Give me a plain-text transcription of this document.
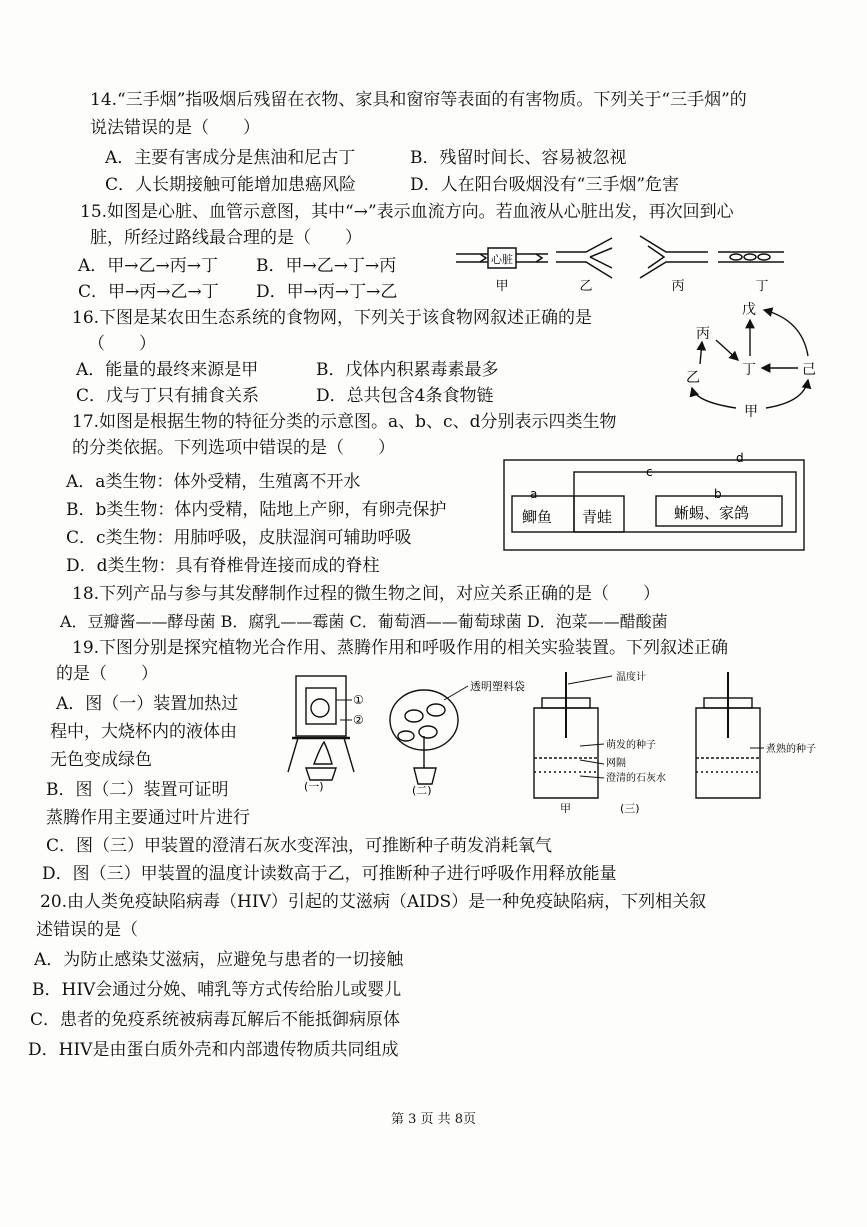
14.“三手烟”指吸烟后残留在衣物、家具和窗帘等表面的有害物质。下列关于“三手烟”的
说法错误的是（　　）
A．主要有害成分是焦油和尼古丁	B．残留时间长、容易被忽视
C．人长期接触可能增加患癌风险	D．人在阳台吸烟没有“三手烟”危害
15.如图是心脏、血管示意图，其中“→”表示血流方向。若血液从心脏出发，再次回到心
脏，所经过路线最合理的是（　　）
A．甲→乙→丙→丁 B．甲→乙→丁→丙
C．甲→丙→乙→丁 D．甲→丙→丁→乙
心脏
甲	乙	丙	丁
16.下图是某农田生态系统的食物网，下列关于该食物网叙述正确的是
（　　）
A．能量的最终来源是甲	B．戊体内积累毒素最多
C．戊与丁只有捕食关系	D．总共包含4条食物链
戊
丙
乙	丁	己
甲
17.如图是根据生物的特征分类的示意图。a、b、c、d分别表示四类生物
的分类依据。下列选项中错误的是（　　）
A．a类生物：体外受精，生殖离不开水
B．b类生物：体内受精，陆地上产卵，有卵壳保护
C．c类生物：用肺呼吸，皮肤湿润可辅助呼吸
D．d类生物：具有脊椎骨连接而成的脊柱
d
c
a	b
鲫鱼 青蛙	蜥蜴、家鸽
18.下列产品与参与其发酵制作过程的微生物之间，对应关系正确的是（　　）
A．豆瓣酱——酵母菌 B．腐乳——霉菌 C．葡萄酒——葡萄球菌 D．泡菜——醋酸菌
19.下图分别是探究植物光合作用、蒸腾作用和呼吸作用的相关实验装置。下列叙述正确
的是（　　）
A．图（一）装置加热过
程中，大烧杯内的液体由
无色变成绿色
B．图（二）装置可证明
蒸腾作用主要通过叶片进行
C．图（三）甲装置的澄清石灰水变浑浊，可推断种子萌发消耗氧气
D．图（三）甲装置的温度计读数高于乙，可推断种子进行呼吸作用释放能量
①
②
(一)
透明塑料袋
(二)
温度计
萌发的种子	煮熟的种子
网隔
澄清的石灰水
甲	(三)
20.由人类免疫缺陷病毒（HIV）引起的艾滋病（AIDS）是一种免疫缺陷病，下列相关叙
述错误的是（
A．为防止感染艾滋病，应避免与患者的一切接触
B．HIV会通过分娩、哺乳等方式传给胎儿或婴儿
C．患者的免疫系统被病毒瓦解后不能抵御病原体
D．HIV是由蛋白质外壳和内部遗传物质共同组成
第 3 页 共 8页
